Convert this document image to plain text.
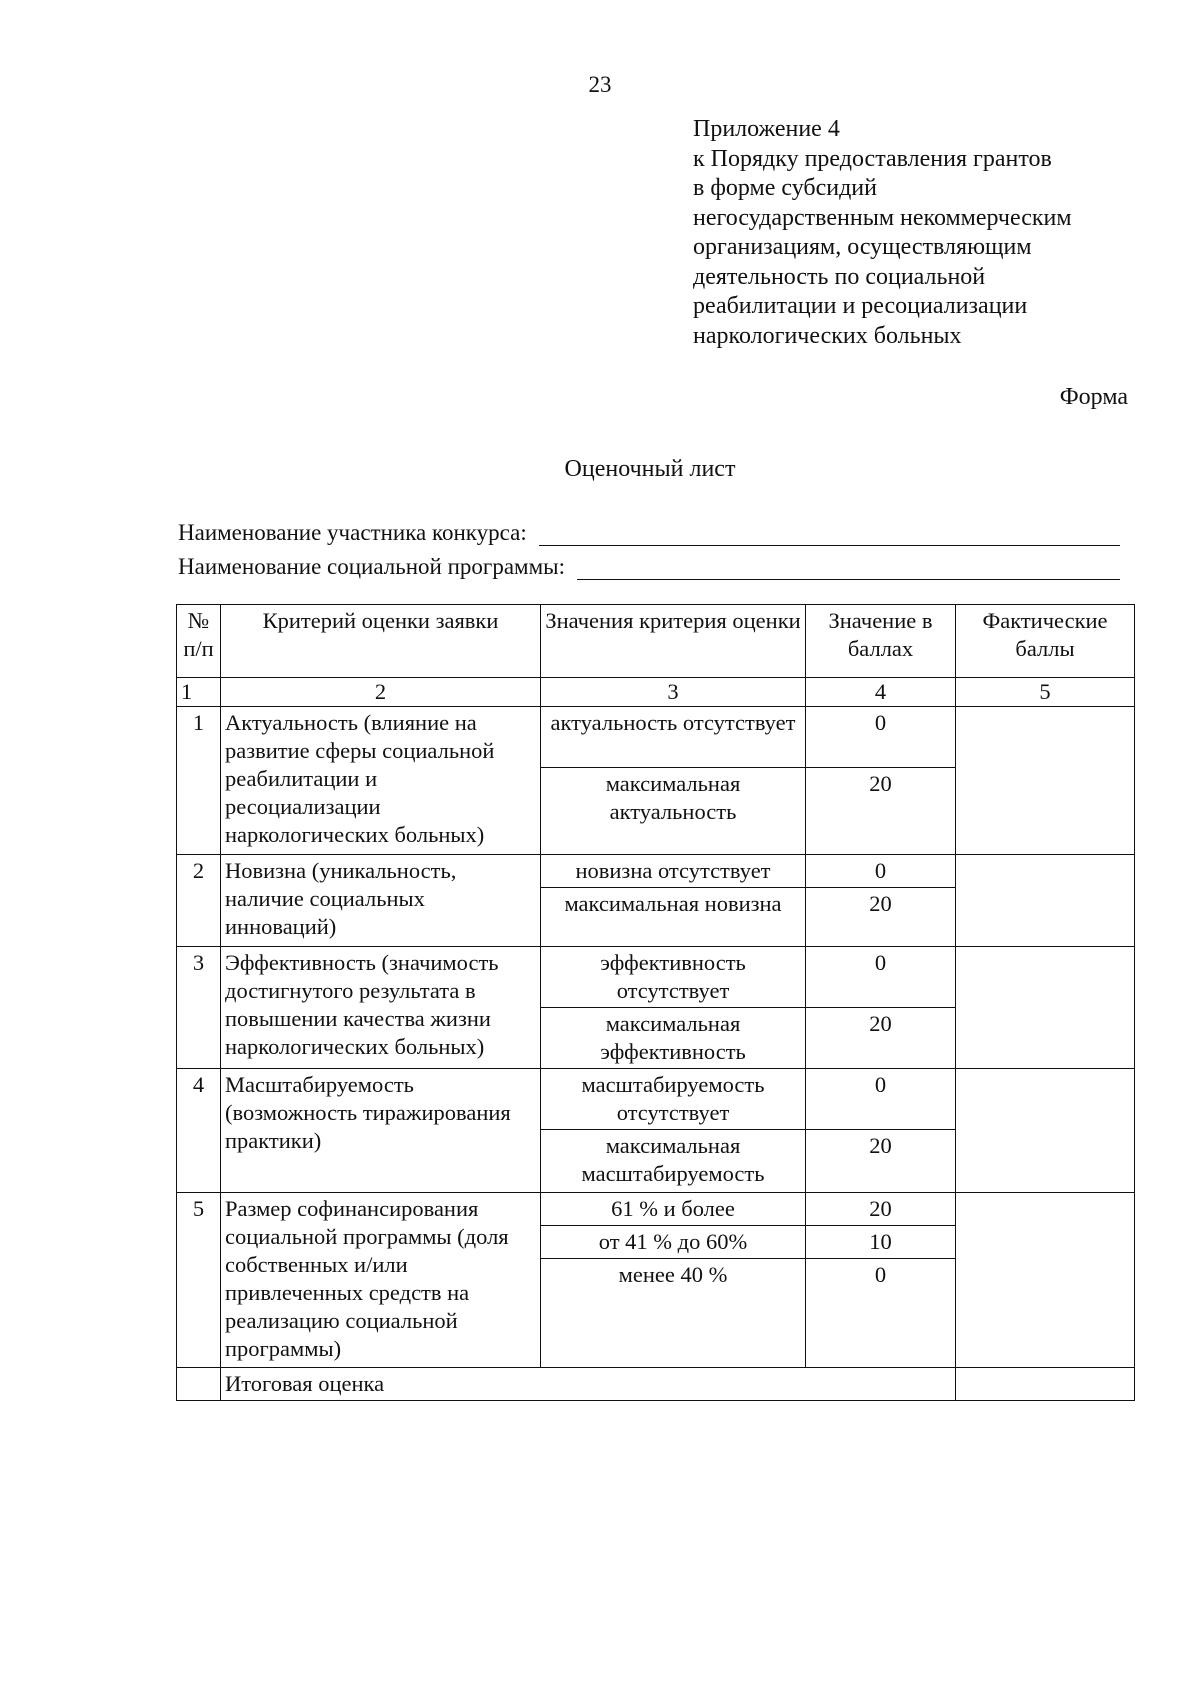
23
Приложение 4
к Порядку предоставления грантов
в форме субсидий
негосударственным некоммерческим
организациям, осуществляющим
деятельность по социальной
реабилитации и ресоциализации
наркологических больных
Форма
Оценочный лист
Наименование участника конкурса:
Наименование социальной программы:
№ п/п	Критерий оценки заявки	Значения критерия оценки	Значение в баллах	Фактические баллы
1	2	3	4	5
1	Актуальность (влияние на развитие сферы социальной реабилитации и ресоциализации наркологических больных)	актуальность отсутствует	0	
		максимальная актуальность	20	
2	Новизна (уникальность, наличие социальных инноваций)	новизна отсутствует	0	
		максимальная новизна	20	
3	Эффективность (значимость достигнутого результата в повышении качества жизни наркологических больных)	эффективность отсутствует	0	
		максимальная эффективность	20	
4	Масштабируемость (возможность тиражирования практики)	масштабируемость отсутствует	0	
		максимальная масштабируемость	20	
5	Размер софинансирования социальной программы (доля собственных и/или привлеченных средств на реализацию социальной программы)	61 % и более	20	
		от 41 % до 60%	10	
		менее 40 %	0	
	Итоговая оценка			
